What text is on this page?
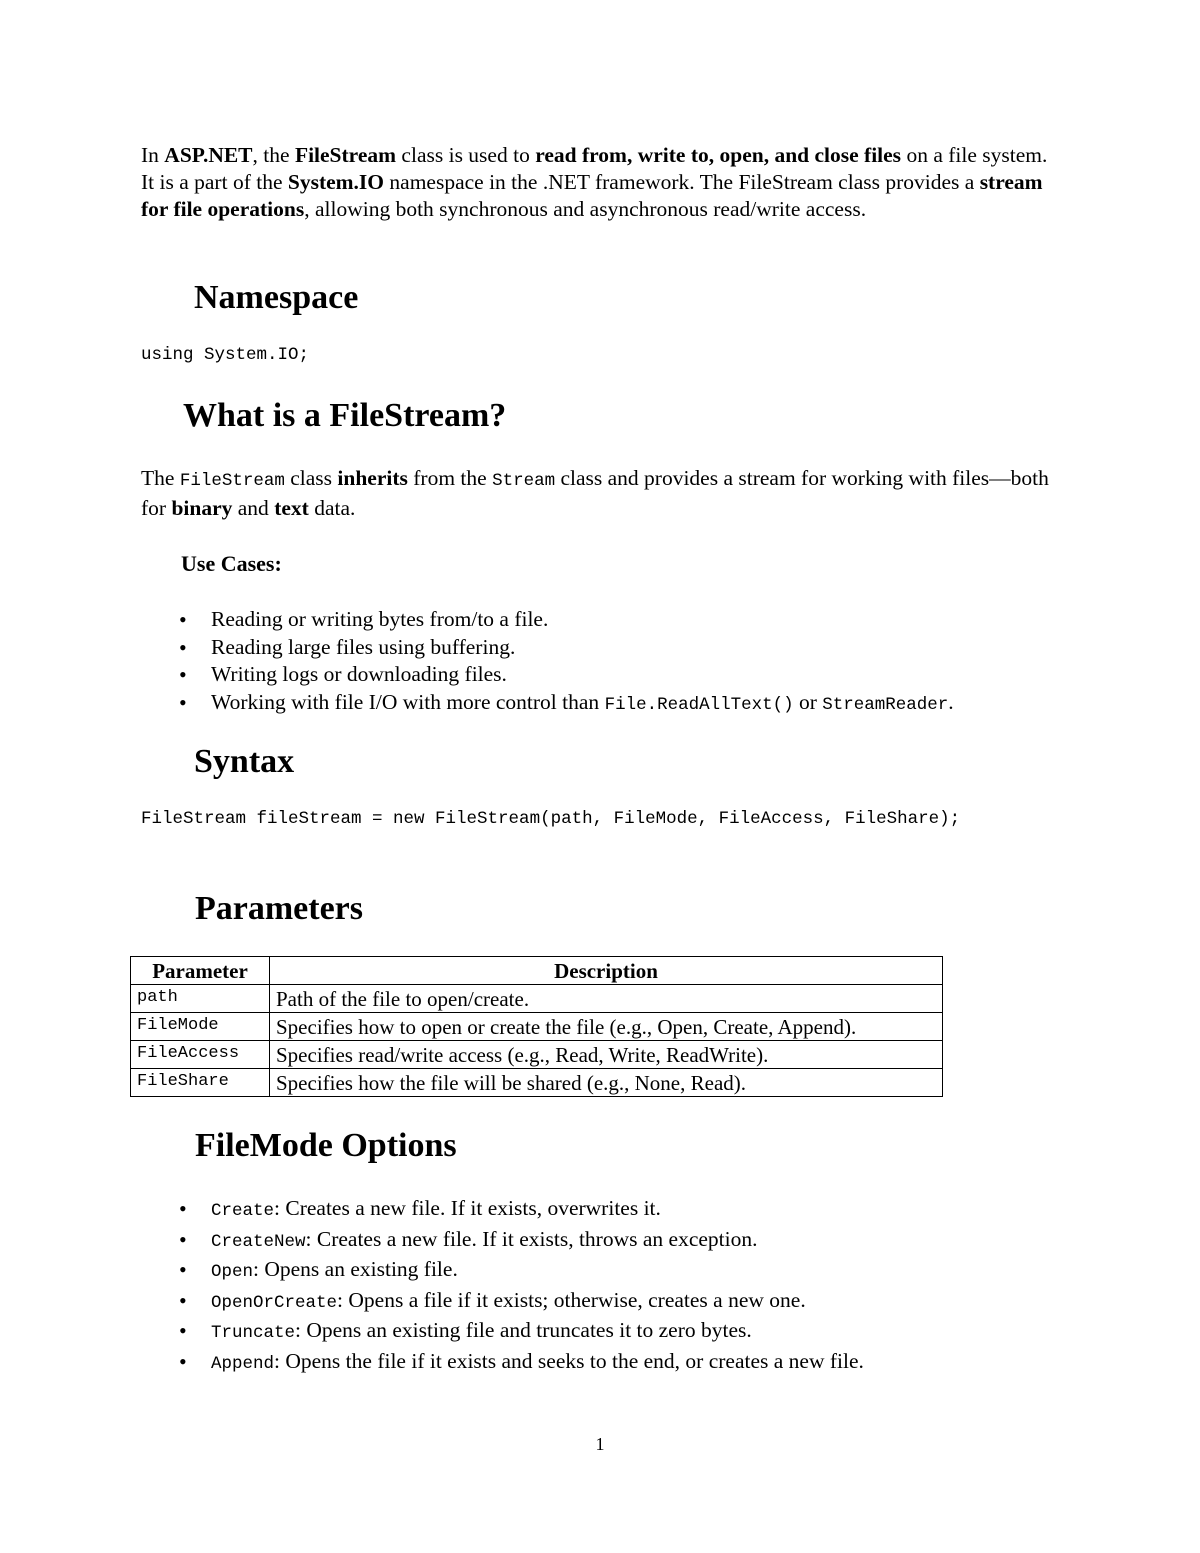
In ASP.NET, the FileStream class is used to read from, write to, open, and close files on a file system. It is a part of the System.IO namespace in the .NET framework. The FileStream class provides a stream for file operations, allowing both synchronous and asynchronous read/write access.

Namespace
using System.IO;
What is a FileStream?

The FileStream class inherits from the Stream class and provides a stream for working with files—both for binary and text data.

Use Cases:
• Reading or writing bytes from/to a file.
• Reading large files using buffering.
• Writing logs or downloading files.
• Working with file I/O with more control than File.ReadAllText() or StreamReader.
Syntax
FileStream fileStream = new FileStream(path, FileMode, FileAccess, FileShare);
Parameters
Parameter	Description
path	Path of the file to open/create.
FileMode	Specifies how to open or create the file (e.g., Open, Create, Append).
FileAccess	Specifies read/write access (e.g., Read, Write, ReadWrite).
FileShare	Specifies how the file will be shared (e.g., None, Read).
FileMode Options
• Create: Creates a new file. If it exists, overwrites it.
• CreateNew: Creates a new file. If it exists, throws an exception.
• Open: Opens an existing file.
• OpenOrCreate: Opens a file if it exists; otherwise, creates a new one.
• Truncate: Opens an existing file and truncates it to zero bytes.
• Append: Opens the file if it exists and seeks to the end, or creates a new file.
1
